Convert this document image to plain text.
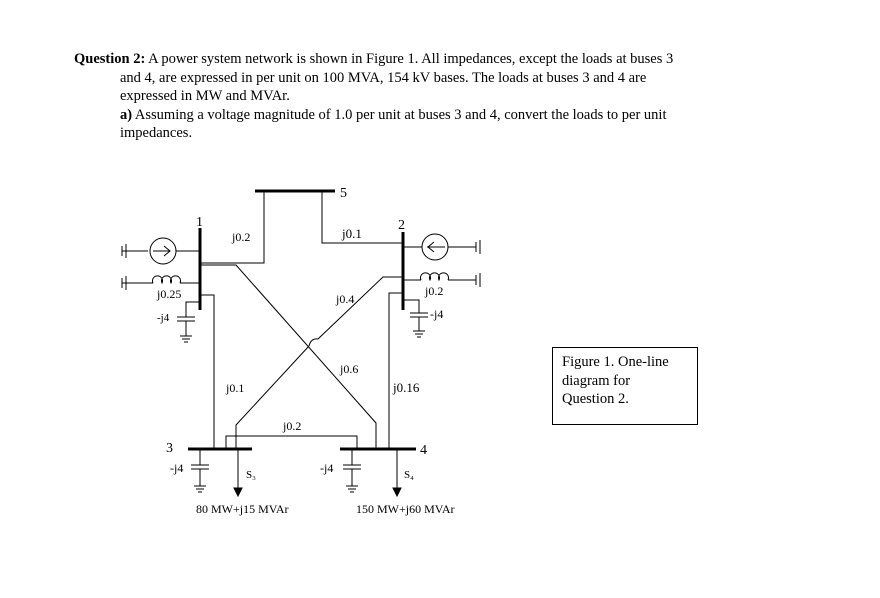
Question 2: A power system network is shown in Figure 1. All impedances, except the loads at buses 3

and 4, are expressed in per unit on 100 MVA, 154 kV bases. The loads at buses 3 and 4 are

expressed in MW and MVAr.

a) Assuming a voltage magnitude of 1.0 per unit at buses 3 and 4, convert the loads to per unit

impedances.

1	2
3	4
5
j0.2	j0.1
j0.4
j0.6
j0.1
j0.2
j0.16
j0.25	j0.2
-j4	-j4
-j4	-j4
S₃	S₄
80 MW+j15 MVAr	150 MW+j60 MVAr
Figure 1. One-line
diagram for
Question 2.
